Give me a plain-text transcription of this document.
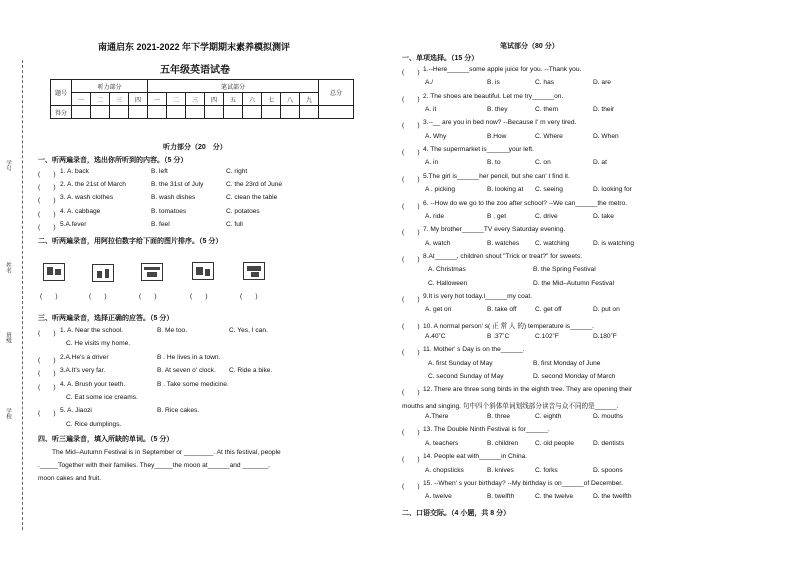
学号
姓名
班级
学校
南通启东 2021-2022 年下学期期末素养模拟测评
五年级英语试卷
题号	听力部分				笔试部分									总分
	一	二	三	四	一	二	三	四	五	六	七	八	九	
得分														
听力部分（20　分）
一、听两遍录音，选出你所听到的内容。（5 分）
(　　) 1. A. back	B. left	C. right
(　　) 2. A. the 21st of March	B. the 31st of July	C. the 23rd of June
(　　) 3. A. wash clothes	B. wash dishes	C. clean the table
(　　) 4. A. cabbage	B. tomatoes	C. potatoes
(　　) 5.A.fever	B. feel	C. full
二、听两遍录音，用阿拉伯数字给下面的图片排序。（5 分）
(　　)	(　　)	(　　)	(　　)	(　　)
三、听两遍录音，选择正确的应答。（5 分）
(　　) 1. A. Near the school.	B. Me too.	C. Yes, I can.
C. He visits my home.
(　　) 2.A.He's a driver	B . He lives in a town.
(　　) 3.A.It's very far.	B. At seven o' clock. C. Ride a bike.
(　　) 4. A. Brush your teeth.	B . Take some medicine.
C. Eat some ice creams.
(　　) 5. A. Jiaozi	B. Rice cakes.
C. Rice dumplings.
四、听三遍录音，填入所缺的单词。（5 分）
The Mid–Autumn Festival is in September or ________. At this festival, people
._____Together with their families. They_____the moon at______and _______,
moon cakes and fruit.
笔试部分（80 分）
一、单项选择。（15 分）
(　　) 1.--Here______some apple juice for you. --Thank you.
A./	B. is	C. has	D. are
(　　) 2. The shoes are beautiful. Let me try______on.
A. it	B. they	C. them	D. their
(　　) 3.--__ are you in bed now? --Because I' m very tired.
A. Why	B.How	C. Where	D. When
(　　) 4. The supermarket is______your left.
A. in	B. to	C. on	D. at
(　　) 5.The girl is______her pencil, but she can' t find it.
A . picking	B. looking at C. seeing	D. looking for
(　　) 6. --How do we go to the zoo after school? --We can______the metro.
A. ride	B . get	C. drive	D. take
(　　) 7. My brother______TV every Saturday evening.
A. watch	B. watches C. watching	D. is watching
(　　) 8.At______, children shout "Trick or treat?" for sweets.
A. Christmas	B. the Spring Festival
C. Halloween	D. the Mid–Autumn Festival
(　　) 9.It is very hot today.I______my coat.
A. get on	B. take off	C. get off	D. put on
(　　) 10. A normal person' s( 正 常 人 的) temperature is______.
A.40˚C	B .37˚C	C.102˚F	D.180˚F
(　　) 11. Mother' s Day is on the______.
A. first Sunday of May	B. first Monday of June
C. second Sunday of May	D. second Monday of March
(　　) 12. There are three song birds in the eighth tree. They are opening their
mouths and singing. 句中四个斜体单词划线部分读音与众不同的是______.
A.There	B. three	C. eighth	D. mouths
(　　) 13. The Double Ninth Festival is for______.
A. teachers	B. children	C. old people	D. dentists
(　　) 14. People eat with______in China.
A. chopsticks	B. knives	C. forks	D. spoons
(　　) 15. --When' s your birthday? --My birthday is on______of December.
A. twelve	B. twelfth	C. the twelve	D. the twelfth
二、口语交际。（4 小题，共 8 分）
